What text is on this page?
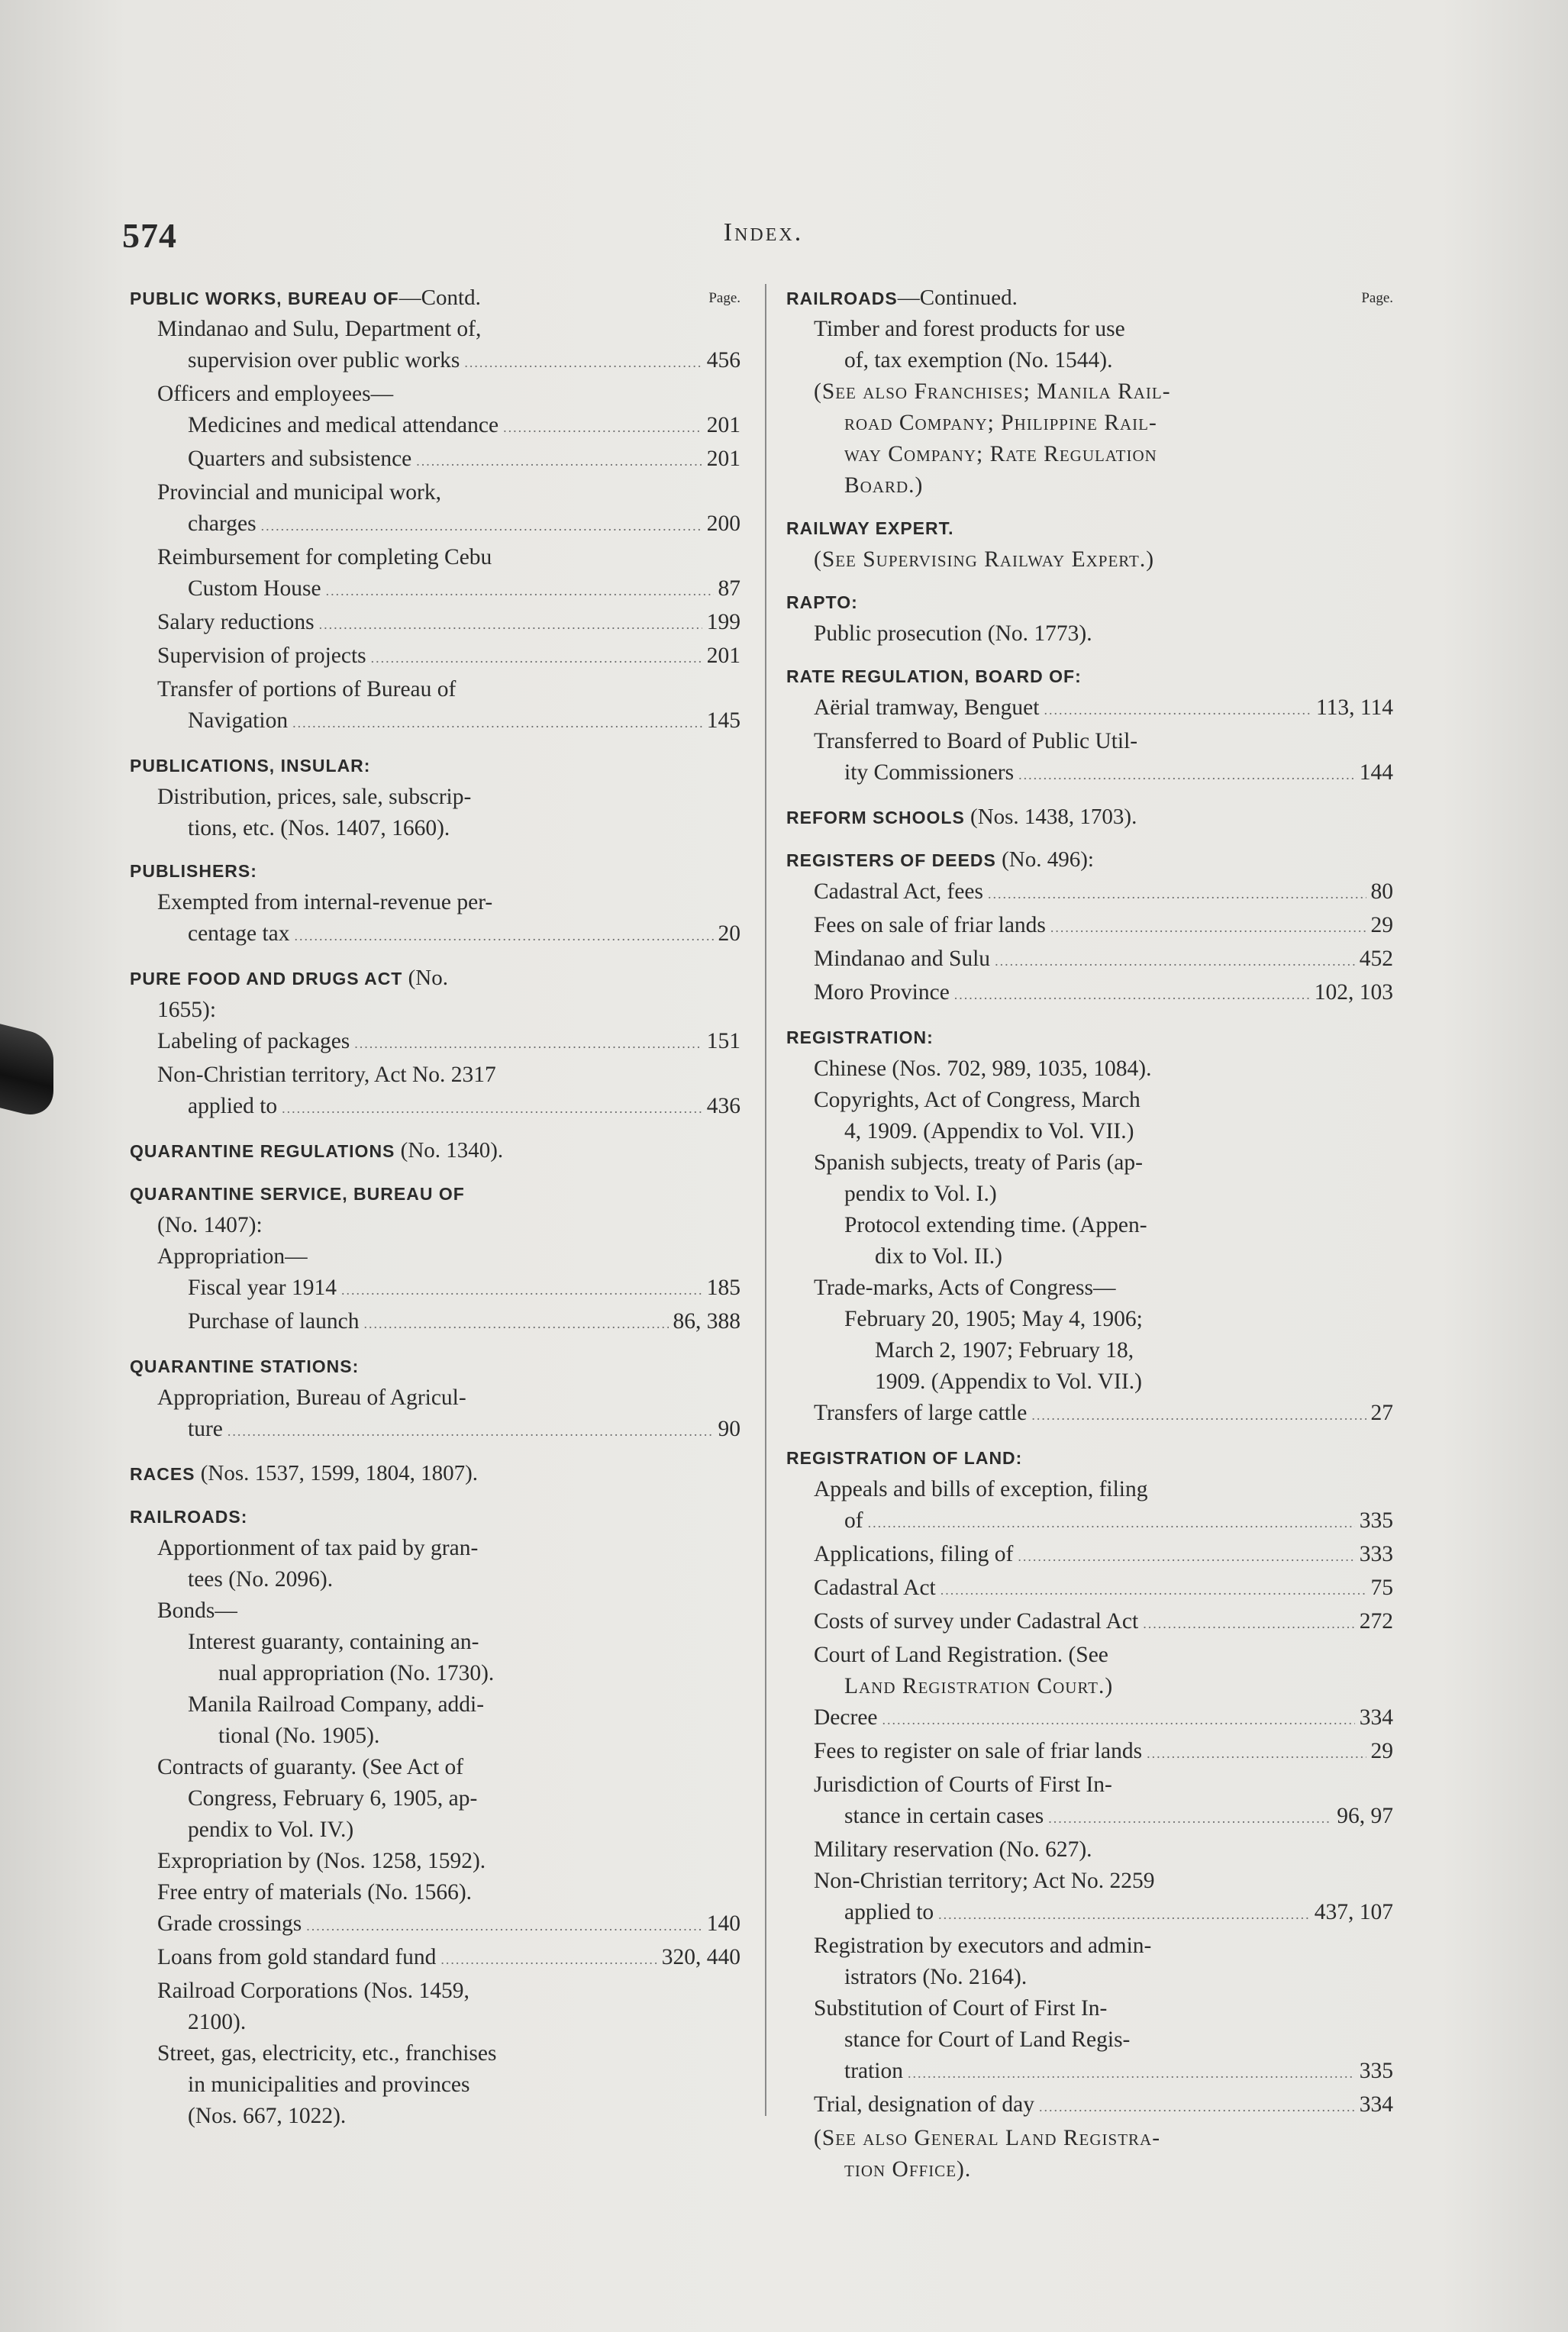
574	Index.
PUBLIC WORKS, BUREAU OF—Contd.	Page.
Mindanao and Sulu, Department of,
supervision over public works .....	456
Officers and employees—
Medicines and medical attendance .....	201
Quarters and subsistence .....	201
Provincial and municipal work,
charges .....	200
Reimbursement for completing Cebu
Custom House .....	87
Salary reductions .....	199
Supervision of projects .....	201
Transfer of portions of Bureau of
Navigation .....	145
PUBLICATIONS, INSULAR:
Distribution, prices, sale, subscrip-
tions, etc. (Nos. 1407, 1660).
PUBLISHERS:
Exempted from internal-revenue per-
centage tax .....	20
PURE FOOD AND DRUGS ACT (No.
1655):
Labeling of packages .....	151
Non-Christian territory, Act No. 2317
applied to .....	436
QUARANTINE REGULATIONS (No. 1340).
QUARANTINE SERVICE, BUREAU OF
(No. 1407):
Appropriation—
Fiscal year 1914 .....	185
Purchase of launch .....	86, 388
QUARANTINE STATIONS:
Appropriation, Bureau of Agricul-
ture .....	90
RACES (Nos. 1537, 1599, 1804, 1807).
RAILROADS:
Apportionment of tax paid by gran-
tees (No. 2096).
Bonds—
Interest guaranty, containing an-
nual appropriation (No. 1730).
Manila Railroad Company, addi-
tional (No. 1905).
Contracts of guaranty. (See Act of
Congress, February 6, 1905, ap-
pendix to Vol. IV.)
Expropriation by (Nos. 1258, 1592).
Free entry of materials (No. 1566).
Grade crossings .....	140
Loans from gold standard fund .....	320, 440
Railroad Corporations (Nos. 1459,
2100).
Street, gas, electricity, etc., franchises
in municipalities and provinces
(Nos. 667, 1022).
RAILROADS—Continued.	Page.
Timber and forest products for use
of, tax exemption (No. 1544).
(See also Franchises; Manila Rail-
road Company; Philippine Rail-
way Company; Rate Regulation
Board.)
RAILWAY EXPERT.
(See Supervising Railway Expert.)
RAPTO:
Public prosecution (No. 1773).
RATE REGULATION, BOARD OF:
Aërial tramway, Benguet .....	113, 114
Transferred to Board of Public Util-
ity Commissioners .....	144
REFORM SCHOOLS (Nos. 1438, 1703).
REGISTERS OF DEEDS (No. 496):
Cadastral Act, fees .....	80
Fees on sale of friar lands .....	29
Mindanao and Sulu .....	452
Moro Province .....	102, 103
REGISTRATION:
Chinese (Nos. 702, 989, 1035, 1084).
Copyrights, Act of Congress, March
4, 1909. (Appendix to Vol. VII.)
Spanish subjects, treaty of Paris (ap-
pendix to Vol. I.)
Protocol extending time. (Appen-
dix to Vol. II.)
Trade-marks, Acts of Congress—
February 20, 1905; May 4, 1906;
March 2, 1907; February 18,
1909. (Appendix to Vol. VII.)
Transfers of large cattle .....	27
REGISTRATION OF LAND:
Appeals and bills of exception, filing
of .....	335
Applications, filing of .....	333
Cadastral Act .....	75
Costs of survey under Cadastral Act .....	272
Court of Land Registration. (See
Land Registration Court.)
Decree .....	334
Fees to register on sale of friar lands .....	29
Jurisdiction of Courts of First In-
stance in certain cases .....	96, 97
Military reservation (No. 627).
Non-Christian territory; Act No. 2259
applied to .....	437, 107
Registration by executors and admin-
istrators (No. 2164).
Substitution of Court of First In-
stance for Court of Land Regis-
tration .....	335
Trial, designation of day .....	334
(See also General Land Registra-
tion Office).
